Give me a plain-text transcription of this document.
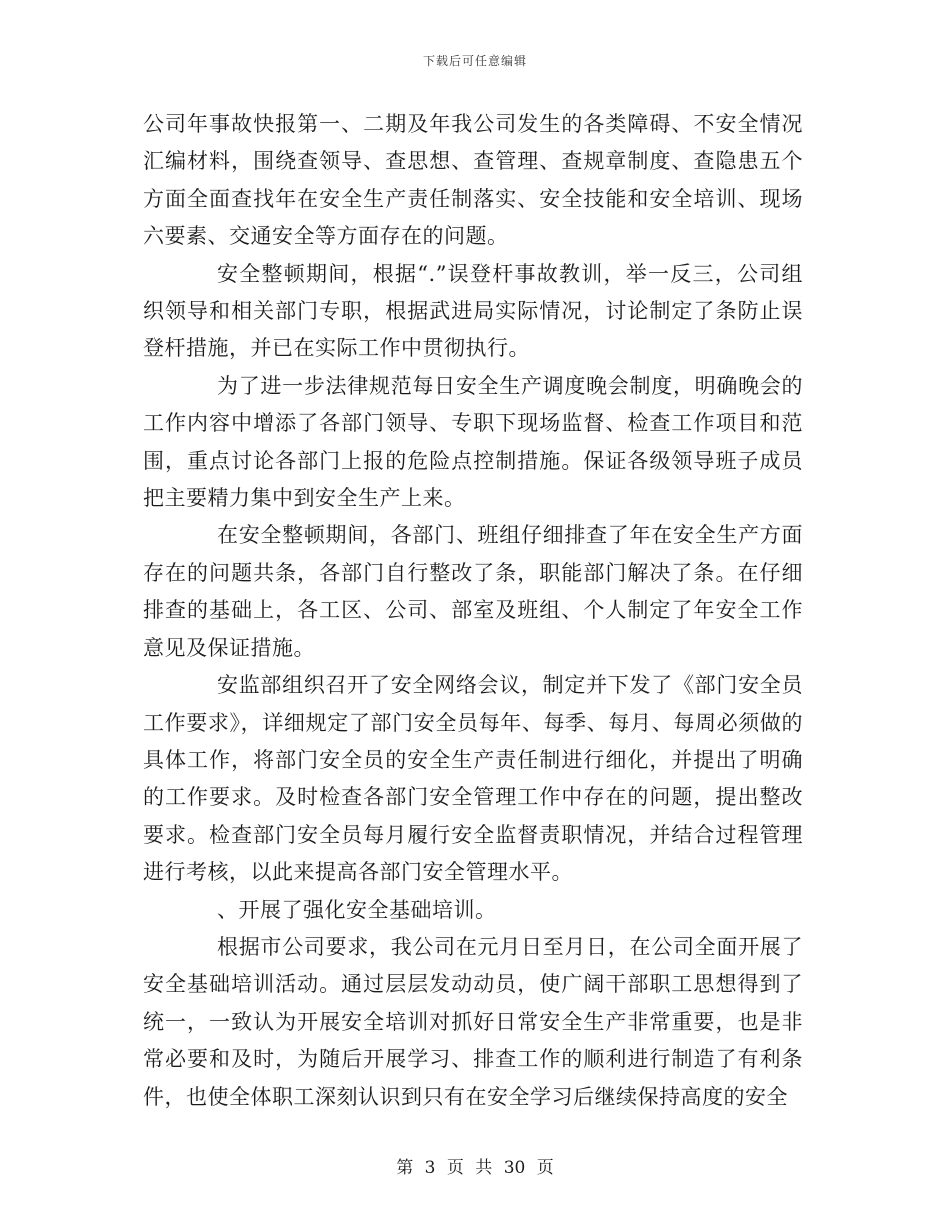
下载后可任意编辑

公司年事故快报第一、二期及年我公司发生的各类障碍、不安全情况汇编材料，围绕查领导、查思想、查管理、查规章制度、查隐患五个方面全面查找年在安全生产责任制落实、安全技能和安全培训、现场六要素、交通安全等方面存在的问题。

安全整顿期间，根据“.”误登杆事故教训，举一反三，公司组织领导和相关部门专职，根据武进局实际情况，讨论制定了条防止误登杆措施，并已在实际工作中贯彻执行。

为了进一步法律规范每日安全生产调度晚会制度，明确晚会的工作内容中增添了各部门领导、专职下现场监督、检查工作项目和范围，重点讨论各部门上报的危险点控制措施。保证各级领导班子成员把主要精力集中到安全生产上来。

在安全整顿期间，各部门、班组仔细排查了年在安全生产方面存在的问题共条，各部门自行整改了条，职能部门解决了条。在仔细排查的基础上，各工区、公司、部室及班组、个人制定了年安全工作意见及保证措施。

安监部组织召开了安全网络会议，制定并下发了《部门安全员工作要求》，详细规定了部门安全员每年、每季、每月、每周必须做的具体工作，将部门安全员的安全生产责任制进行细化，并提出了明确的工作要求。及时检查各部门安全管理工作中存在的问题，提出整改要求。检查部门安全员每月履行安全监督责职情况，并结合过程管理进行考核，以此来提高各部门安全管理水平。

、开展了强化安全基础培训。

根据市公司要求，我公司在元月日至月日，在公司全面开展了安全基础培训活动。通过层层发动动员，使广阔干部职工思想得到了统一，一致认为开展安全培训对抓好日常安全生产非常重要，也是非常必要和及时，为随后开展学习、排查工作的顺利进行制造了有利条件，也使全体职工深刻认识到只有在安全学习后继续保持高度的安全

第 3 页 共 30 页
